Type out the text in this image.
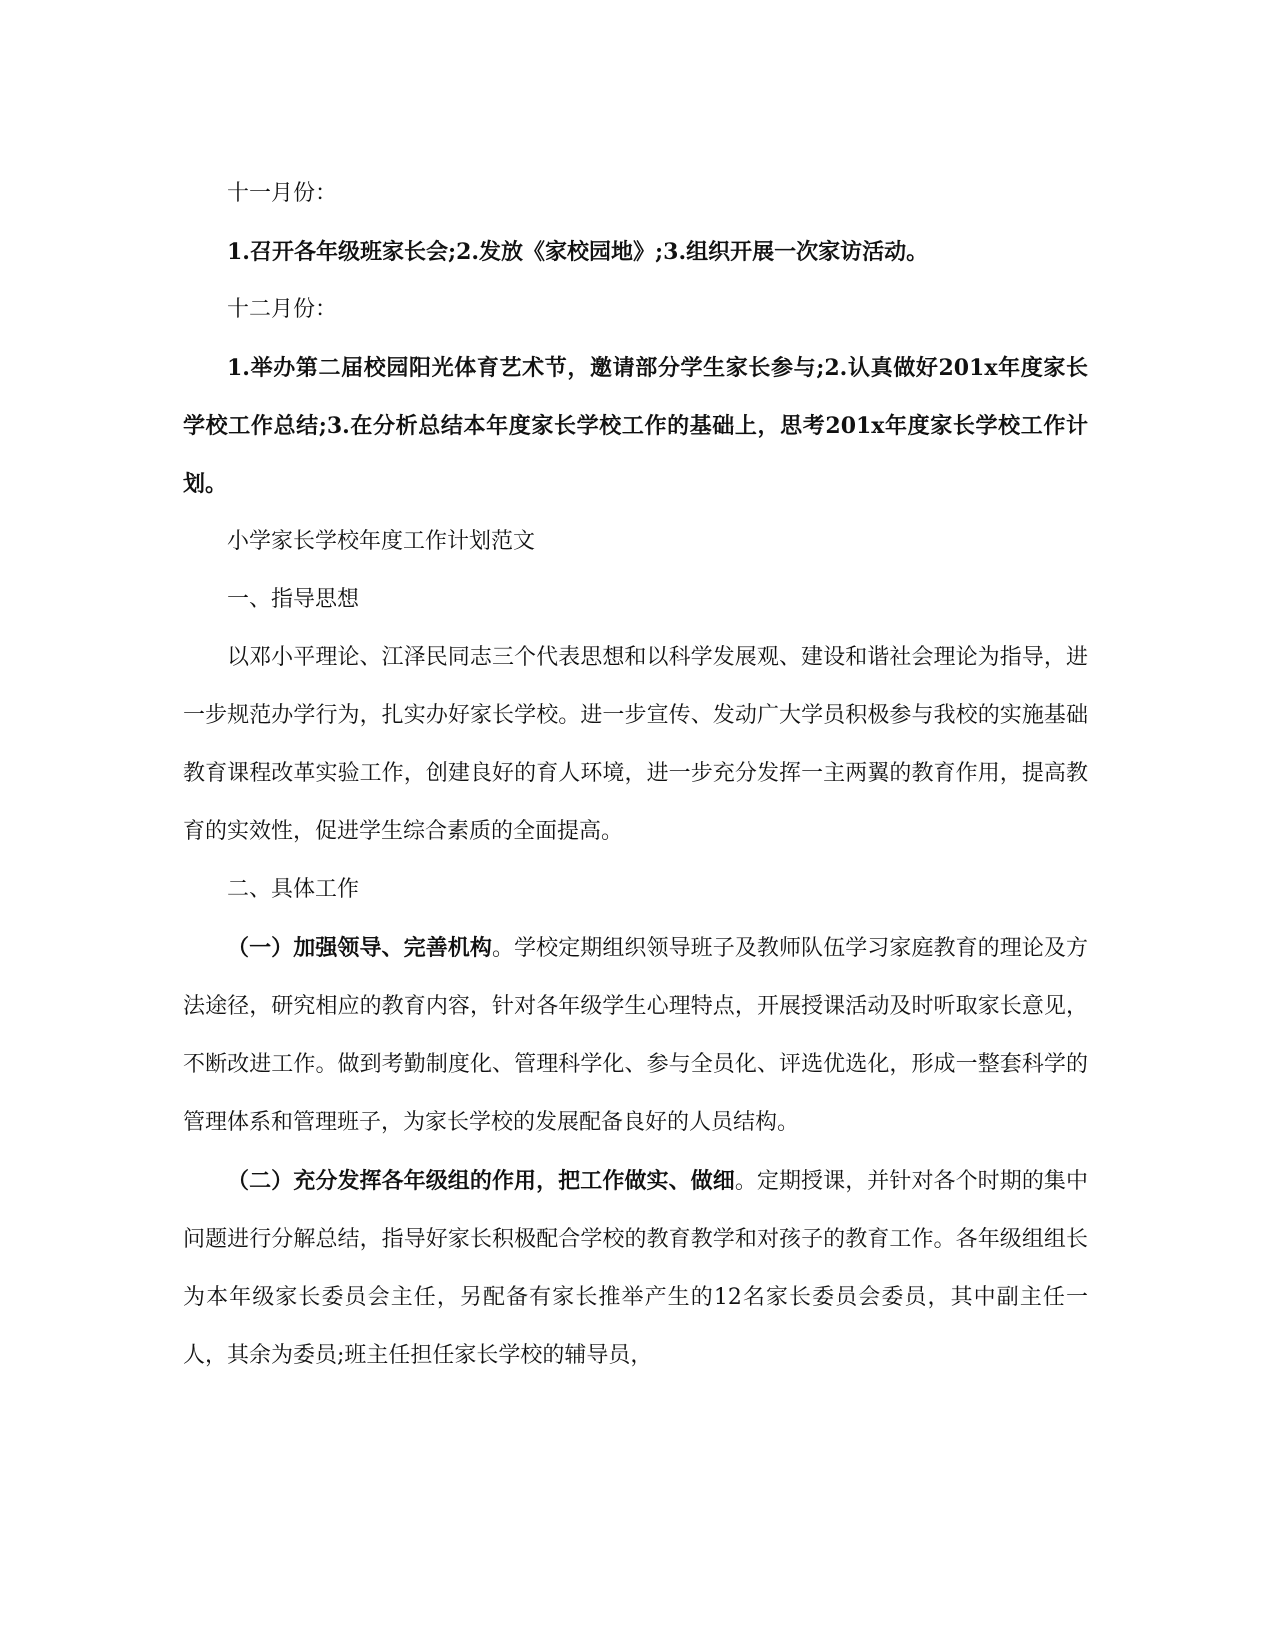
十一月份：

1.召开各年级班家长会;2.发放《家校园地》;3.组织开展一次家访活动。

十二月份：

1.举办第二届校园阳光体育艺术节，邀请部分学生家长参与;2.认真做好201x年度家长学校工作总结;3.在分析总结本年度家长学校工作的基础上，思考201x年度家长学校工作计划。

小学家长学校年度工作计划范文

一、指导思想

以邓小平理论、江泽民同志三个代表思想和以科学发展观、建设和谐社会理论为指导，进一步规范办学行为，扎实办好家长学校。进一步宣传、发动广大学员积极参与我校的实施基础教育课程改革实验工作，创建良好的育人环境，进一步充分发挥一主两翼的教育作用，提高教育的实效性，促进学生综合素质的全面提高。

二、具体工作

（一）加强领导、完善机构。学校定期组织领导班子及教师队伍学习家庭教育的理论及方法途径，研究相应的教育内容，针对各年级学生心理特点，开展授课活动及时听取家长意见，不断改进工作。做到考勤制度化、管理科学化、参与全员化、评选优选化，形成一整套科学的管理体系和管理班子，为家长学校的发展配备良好的人员结构。

（二）充分发挥各年级组的作用，把工作做实、做细。定期授课，并针对各个时期的集中问题进行分解总结，指导好家长积极配合学校的教育教学和对孩子的教育工作。各年级组组长为本年级家长委员会主任，另配备有家长推举产生的12名家长委员会委员，其中副主任一人，其余为委员;班主任担任家长学校的辅导员，
